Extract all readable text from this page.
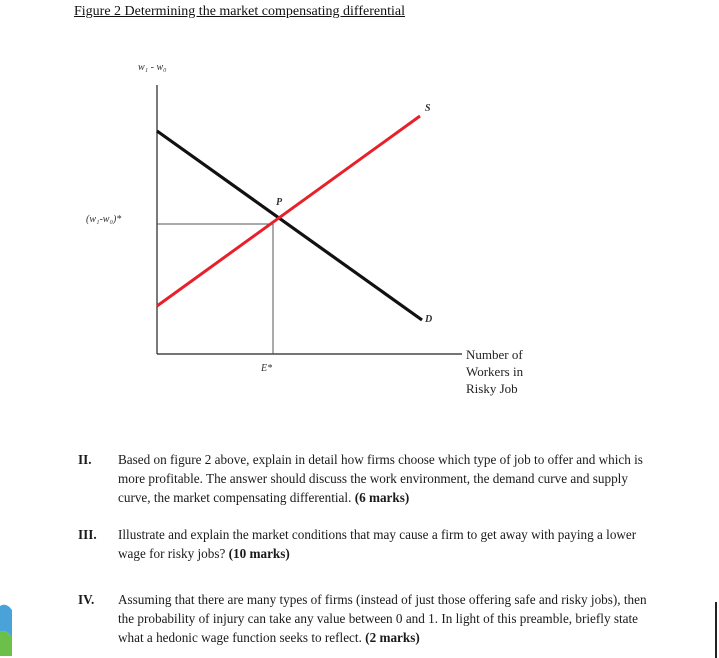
Figure 2 Determining the market compensating differential
w₁ - w₀
(w₁-w₀)*
E*
S
D
P
Number of Workers in Risky Job
II. Based on figure 2 above, explain in detail how firms choose which type of job to offer and which is more profitable. The answer should discuss the work environment, the demand curve and supply curve, the market compensating differential. (6 marks)
III. Illustrate and explain the market conditions that may cause a firm to get away with paying a lower wage for risky jobs? (10 marks)
IV. Assuming that there are many types of firms (instead of just those offering safe and risky jobs), then the probability of injury can take any value between 0 and 1. In light of this preamble, briefly state what a hedonic wage function seeks to reflect. (2 marks)
